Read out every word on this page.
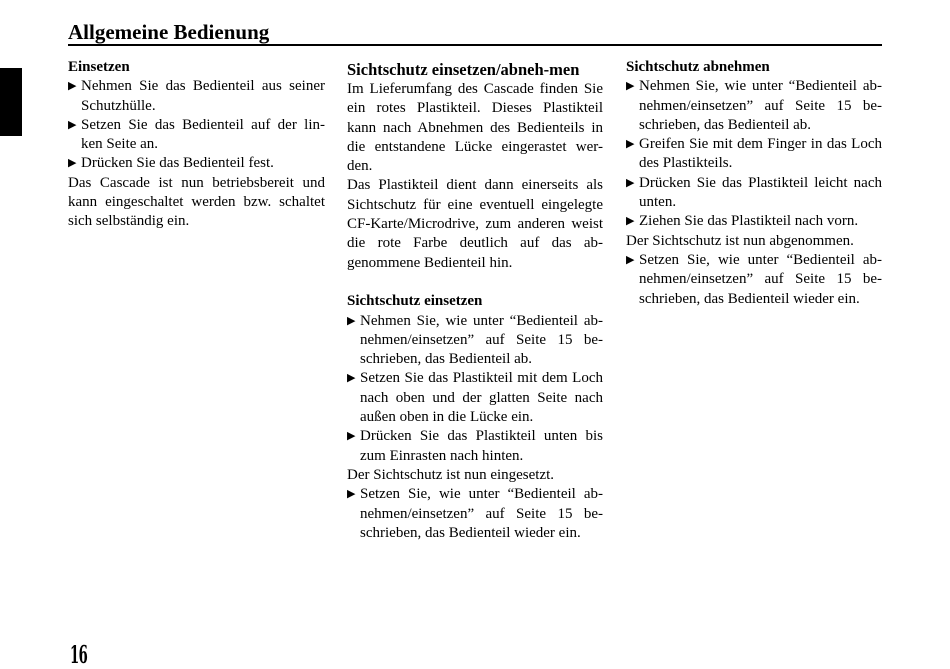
Allgemeine Bedienung
Einsetzen
▶ Nehmen Sie das Bedienteil aus seiner Schutzhülle.
▶ Setzen Sie das Bedienteil auf der lin-ken Seite an.
▶ Drücken Sie das Bedienteil fest.
Das Cascade ist nun betriebsbereit und kann eingeschaltet werden bzw. schaltet sich selbständig ein.
Sichtschutz einsetzen/abneh-men
Im Lieferumfang des Cascade finden Sie ein rotes Plastikteil. Dieses Plastikteil kann nach Abnehmen des Bedienteils in die entstandene Lücke eingerastet wer-den.
Das Plastikteil dient dann einerseits als Sichtschutz für eine eventuell eingelegte CF-Karte/Microdrive, zum anderen weist die rote Farbe deutlich auf das ab-genommene Bedienteil hin.
Sichtschutz einsetzen
▶ Nehmen Sie, wie unter “Bedienteil ab-nehmen/einsetzen” auf Seite 15 be-schrieben, das Bedienteil ab.
▶ Setzen Sie das Plastikteil mit dem Loch nach oben und der glatten Seite nach außen oben in die Lücke ein.
▶ Drücken Sie das Plastikteil unten bis zum Einrasten nach hinten.
Der Sichtschutz ist nun eingesetzt.
▶ Setzen Sie, wie unter “Bedienteil ab-nehmen/einsetzen” auf Seite 15 be-schrieben, das Bedienteil wieder ein.
Sichtschutz abnehmen
▶ Nehmen Sie, wie unter “Bedienteil ab-nehmen/einsetzen” auf Seite 15 be-schrieben, das Bedienteil ab.
▶ Greifen Sie mit dem Finger in das Loch des Plastikteils.
▶ Drücken Sie das Plastikteil leicht nach unten.
▶ Ziehen Sie das Plastikteil nach vorn.
Der Sichtschutz ist nun abgenommen.
▶ Setzen Sie, wie unter “Bedienteil ab-nehmen/einsetzen” auf Seite 15 be-schrieben, das Bedienteil wieder ein.
16
